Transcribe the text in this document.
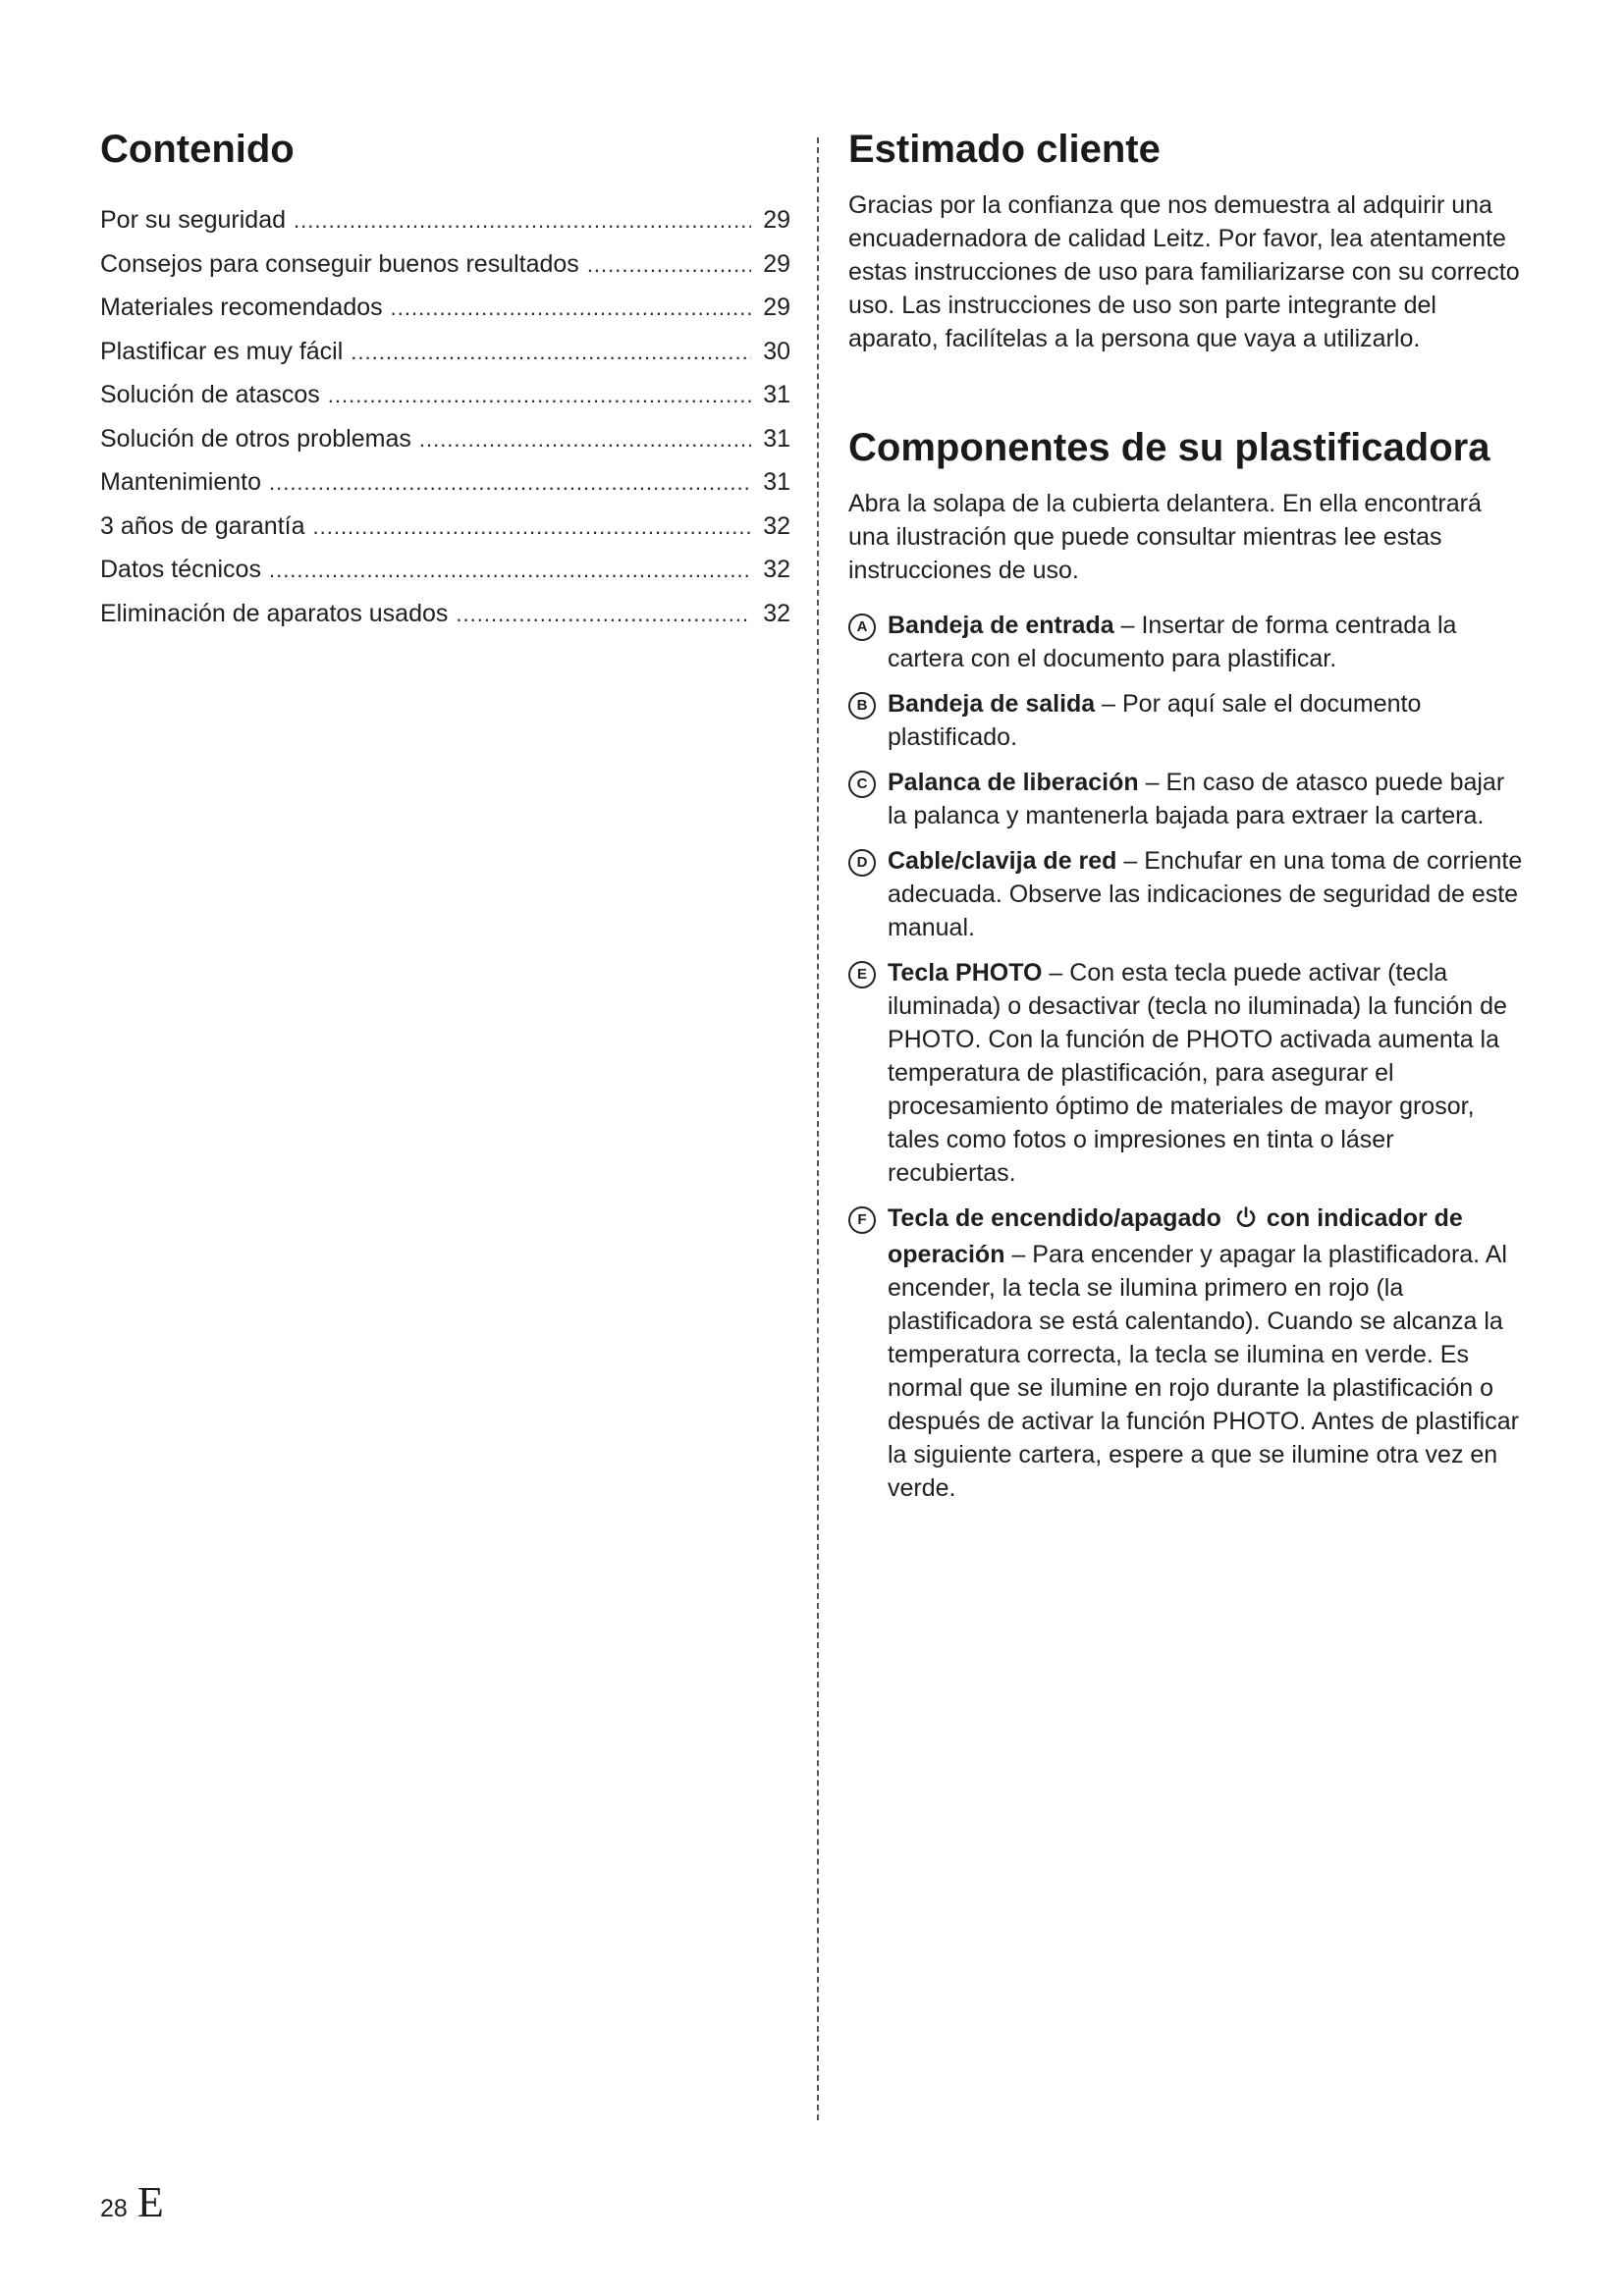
Contenido
Por su seguridad .....	29
Consejos para conseguir buenos resultados .....	29
Materiales recomendados .....	29
Plastificar es muy fácil .....	30
Solución de atascos .....	31
Solución de otros problemas .....	31
Mantenimiento .....	31
3 años de garantía .....	32
Datos técnicos .....	32
Eliminación de aparatos usados .....	32
Estimado cliente

Gracias por la confianza que nos demuestra al adquirir una encuadernadora de calidad Leitz. Por favor, lea atentamente estas instrucciones de uso para familiarizarse con su correcto uso. Las instrucciones de uso son parte integrante del aparato, facilítelas a la persona que vaya a utilizarlo.

Componentes de su plastificadora

Abra la solapa de la cubierta delantera. En ella encontrará una ilustración que puede consultar mientras lee estas instrucciones de uso.

A Bandeja de entrada – Insertar de forma centrada la cartera con el documento para plastificar.
B Bandeja de salida – Por aquí sale el documento plastificado.
C Palanca de liberación – En caso de atasco puede bajar la palanca y mantenerla bajada para extraer la cartera.
D Cable/clavija de red – Enchufar en una toma de corriente adecuada. Observe las indicaciones de seguridad de este manual.
E Tecla PHOTO – Con esta tecla puede activar (tecla iluminada) o desactivar (tecla no iluminada) la función de PHOTO. Con la función de PHOTO activada aumenta la temperatura de plastificación, para asegurar el procesamiento óptimo de materiales de mayor grosor, tales como fotos o impresiones en tinta o láser recubiertas.
F Tecla de encendido/apagado con indicador de operación – Para encender y apagar la plastificadora. Al encender, la tecla se ilumina primero en rojo (la plastificadora se está calentando). Cuando se alcanza la temperatura correcta, la tecla se ilumina en verde. Es normal que se ilumine en rojo durante la plastificación o después de activar la función PHOTO. Antes de plastificar la siguiente cartera, espere a que se ilumine otra vez en verde.
28 E
